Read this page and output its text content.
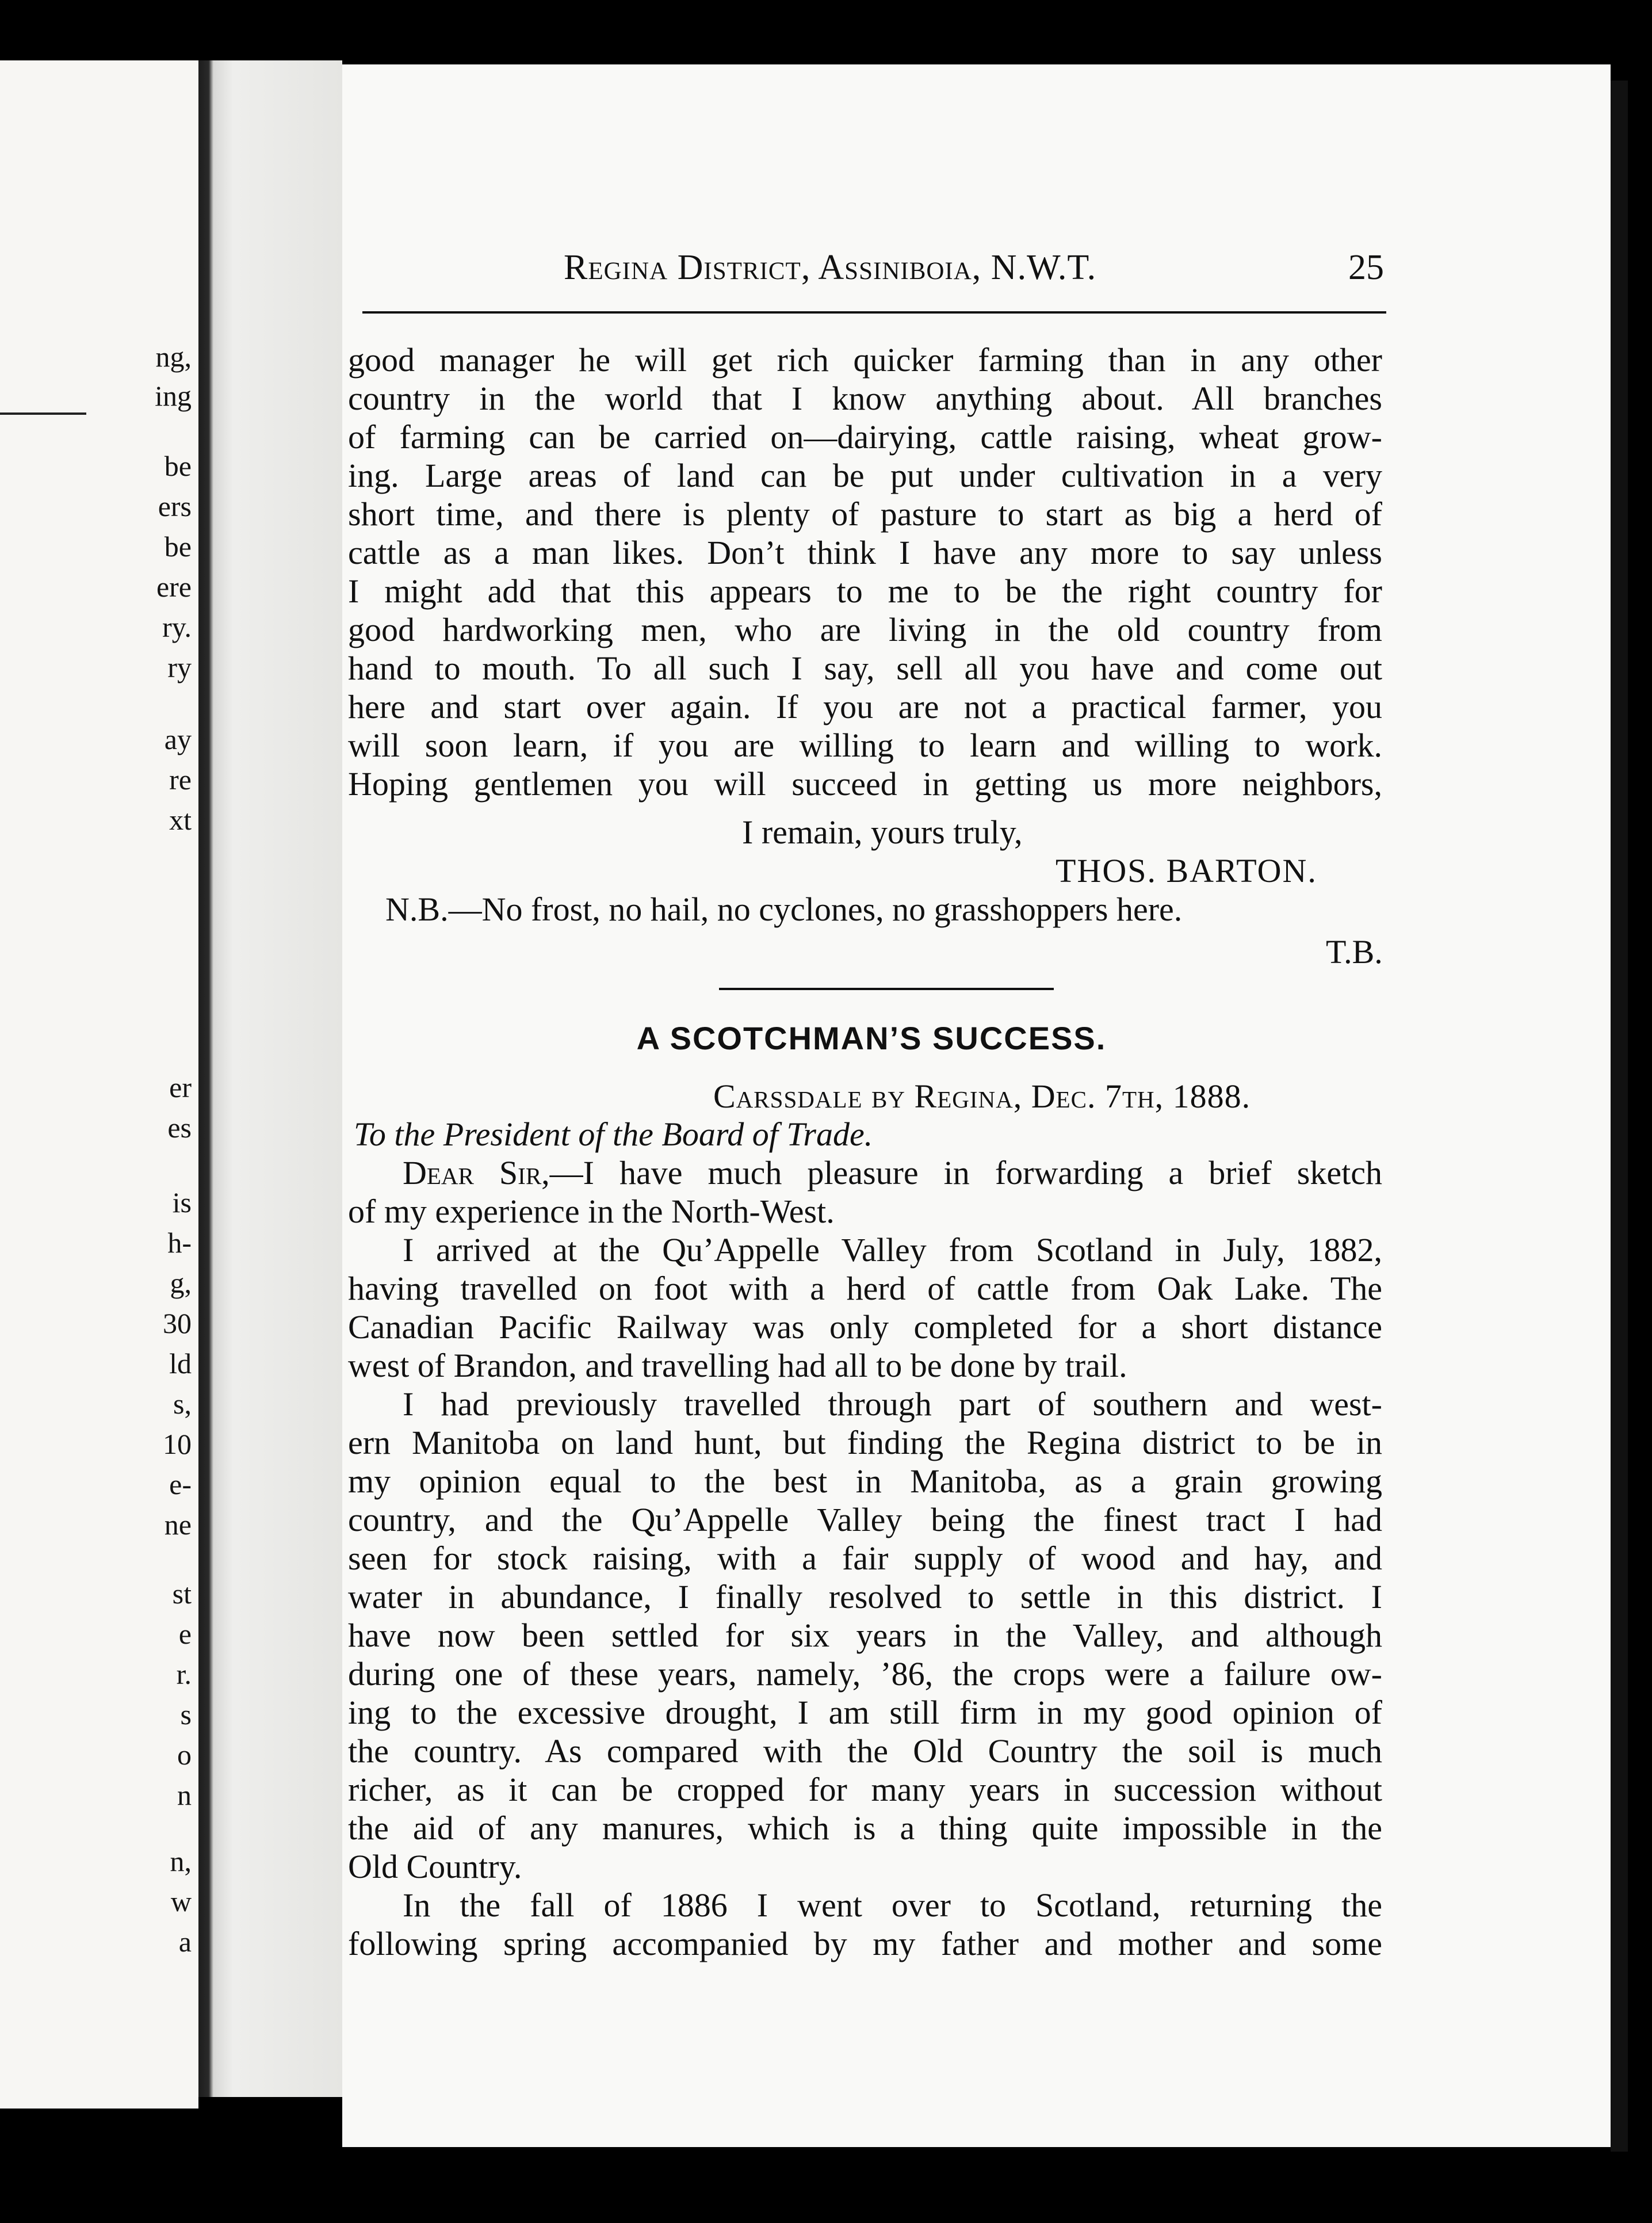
ng,
ing
be
ers
be
ere
ry.
ry
ay
re
xt
er
es
is
h-
g,
30
ld
s,
10
e-
ne
st
e
r.
s
o
n
n,
w
a
Regina District, Assiniboia, N.W.T.	25
good manager he will get rich quicker farming than in any other
country in the world that I know anything about. All branches
of farming can be carried on—dairying, cattle raising, wheat grow-
ing. Large areas of land can be put under cultivation in a very
short time, and there is plenty of pasture to start as big a herd of
cattle as a man likes. Don’t think I have any more to say unless
I might add that this appears to me to be the right country for
good hardworking men, who are living in the old country from
hand to mouth. To all such I say, sell all you have and come out
here and start over again. If you are not a practical farmer, you
will soon learn, if you are willing to learn and willing to work.
Hoping gentlemen you will succeed in getting us more neighbors,
I remain, yours truly,
THOS. BARTON.
N.B.—No frost, no hail, no cyclones, no grasshoppers here.
T.B.
A SCOTCHMAN’S SUCCESS.
Carssdale by Regina, Dec. 7th, 1888.
To the President of the Board of Trade.
Dear Sir,—I have much pleasure in forwarding a brief sketch
of my experience in the North-West.
I arrived at the Qu’Appelle Valley from Scotland in July, 1882,
having travelled on foot with a herd of cattle from Oak Lake. The
Canadian Pacific Railway was only completed for a short distance
west of Brandon, and travelling had all to be done by trail.
I had previously travelled through part of southern and west-
ern Manitoba on land hunt, but finding the Regina district to be in
my opinion equal to the best in Manitoba, as a grain growing
country, and the Qu’Appelle Valley being the finest tract I had
seen for stock raising, with a fair supply of wood and hay, and
water in abundance, I finally resolved to settle in this district. I
have now been settled for six years in the Valley, and although
during one of these years, namely, ’86, the crops were a failure ow-
ing to the excessive drought, I am still firm in my good opinion of
the country. As compared with the Old Country the soil is much
richer, as it can be cropped for many years in succession without
the aid of any manures, which is a thing quite impossible in the
Old Country.
In the fall of 1886 I went over to Scotland, returning the
following spring accompanied by my father and mother and some
